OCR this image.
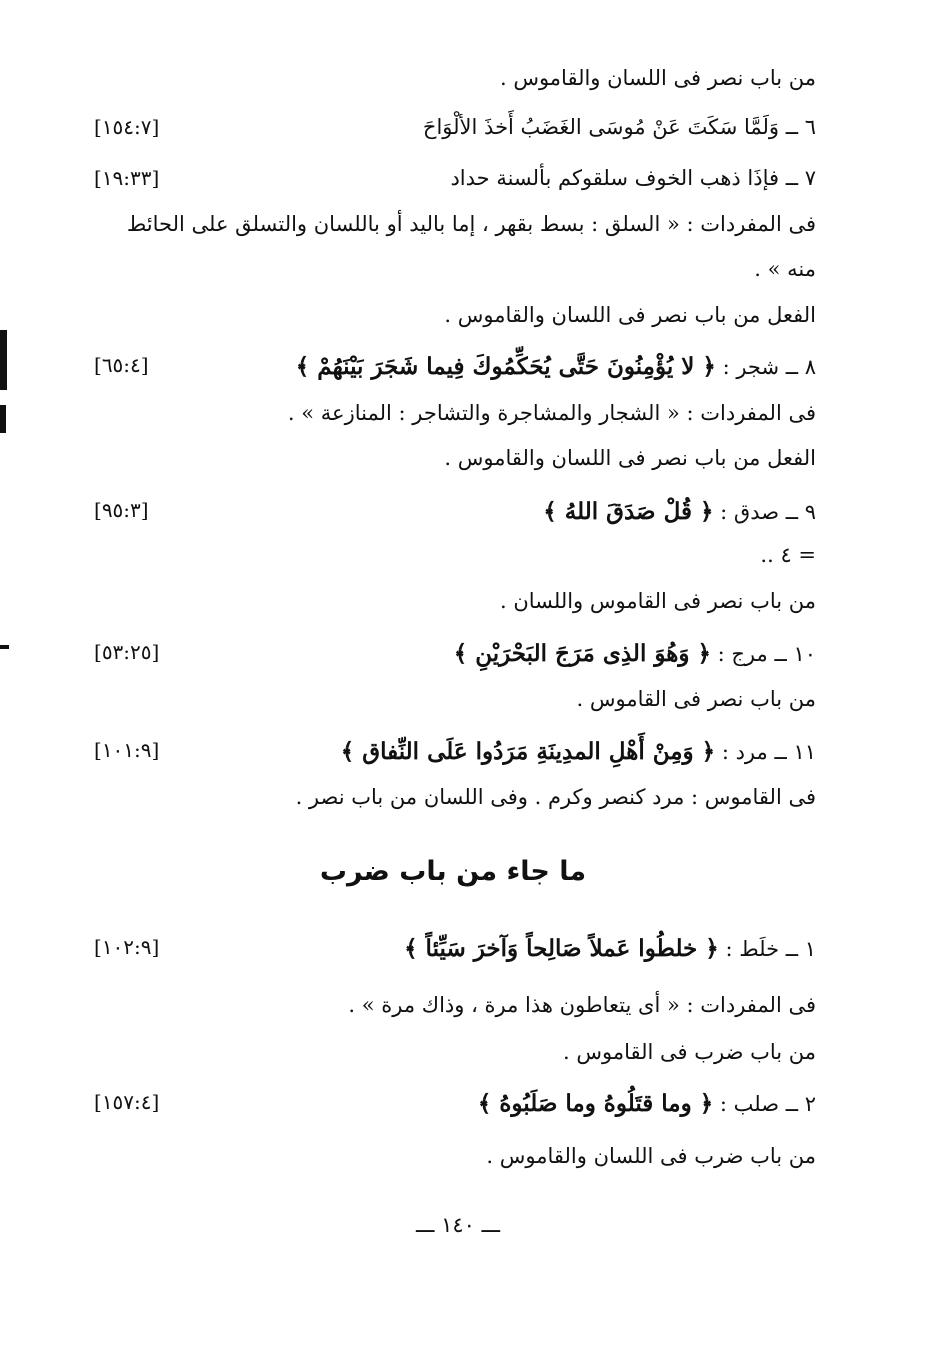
من باب نصر فى اللسان والقاموس .
٦ ــ وَلَمَّا سَكَتَ عَنْ مُوسَى الغَضَبُ أَخذَ الألْوَاحَ
[١٥٤:٧]
٧ ــ فإذَا ذهب الخوف سلقوكم بألسنة حداد
[١٩:٣٣]
فى المفردات : « السلق : بسط بقهر ، إما باليد أو باللسان والتسلق على الحائط
منه » .
الفعل من باب نصر فى اللسان والقاموس .
٨ ــ شجر : ﴿ لا يُؤْمِنُونَ حَتَّى يُحَكِّمُوكَ فِيما شَجَرَ بَيْنَهُمْ ﴾
[٦٥:٤]
فى المفردات : « الشجار والمشاجرة والتشاجر : المنازعة » .
الفعل من باب نصر فى اللسان والقاموس .
٩ ــ صدق : ﴿ قُلْ صَدَقَ اللهُ ﴾
[٩٥:٣]
= ٤ ..
من باب نصر فى القاموس واللسان .
١٠ ــ مرج : ﴿ وَهُوَ الذِى مَرَجَ البَحْرَيْنِ ﴾
[٥٣:٢٥]
من باب نصر فى القاموس .
١١ ــ مرد : ﴿ وَمِنْ أَهْلِ المدِينَةِ مَرَدُوا عَلَى النِّفاق ﴾
[١٠١:٩]
فى القاموس : مرد كنصر وكرم . وفى اللسان من باب نصر .
ما جاء من باب ضرب
١ ــ خلَط : ﴿ خلطُوا عَملاً صَالِحاً وَآخرَ سَيِّئاً ﴾
[١٠٢:٩]
فى المفردات : « أى يتعاطون هذا مرة ، وذاك مرة » .
من باب ضرب فى القاموس .
٢ ــ صلب : ﴿ وما قتَلُوهُ وما صَلَبُوهُ ﴾
[١٥٧:٤]
من باب ضرب فى اللسان والقاموس .
ـــ ١٤٠ ـــ
